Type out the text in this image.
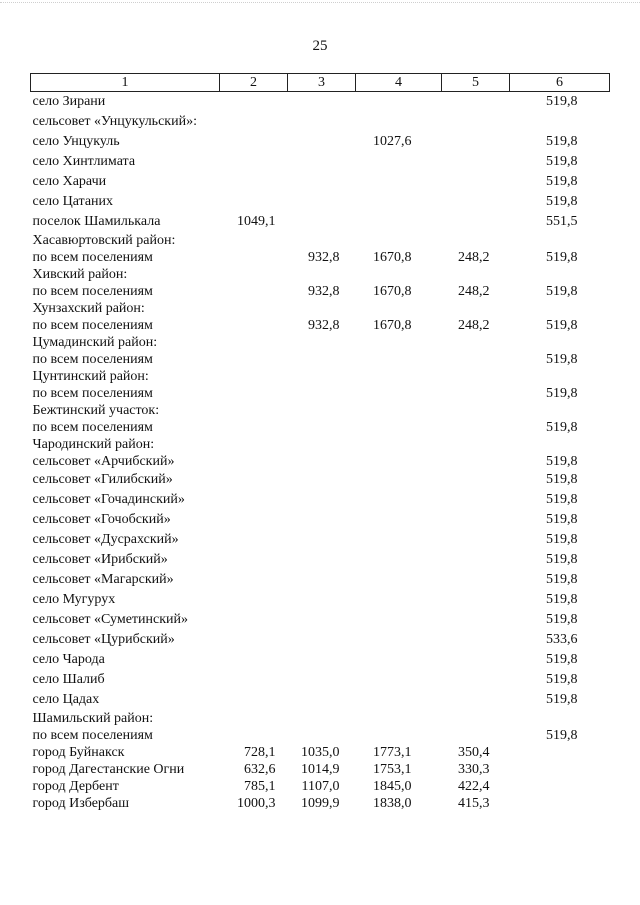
25
1	2	3	4	5	6
село Зирани					519,8
сельсовет «Унцукульский»:					
село Унцукуль			1027,6		519,8
село Хинтлимата					519,8
село Харачи					519,8
село Цатаних					519,8
поселок Шамилькала	1049,1				551,5
Хасавюртовский район:					
по всем поселениям		932,8	1670,8	248,2	519,8
Хивский район:					
по всем поселениям		932,8	1670,8	248,2	519,8
Хунзахский район:					
по всем поселениям		932,8	1670,8	248,2	519,8
Цумадинский район:					
по всем поселениям					519,8
Цунтинский район:					
по всем поселениям					519,8
Бежтинский участок:					
по всем поселениям					519,8
Чародинский район:					
сельсовет «Арчибский»					519,8
сельсовет «Гилибский»					519,8
сельсовет «Гочадинский»					519,8
сельсовет «Гочобский»					519,8
сельсовет «Дусрахский»					519,8
сельсовет «Ирибский»					519,8
сельсовет «Магарский»					519,8
село Мугурух					519,8
сельсовет «Суметинский»					519,8
сельсовет «Цурибский»					533,6
село Чарода					519,8
село Шалиб					519,8
село Цадах					519,8
Шамильский район:					
по всем поселениям					519,8
город Буйнакск	728,1	1035,0	1773,1	350,4	
город Дагестанские Огни	632,6	1014,9	1753,1	330,3	
город Дербент	785,1	1107,0	1845,0	422,4	
город Избербаш	1000,3	1099,9	1838,0	415,3	
